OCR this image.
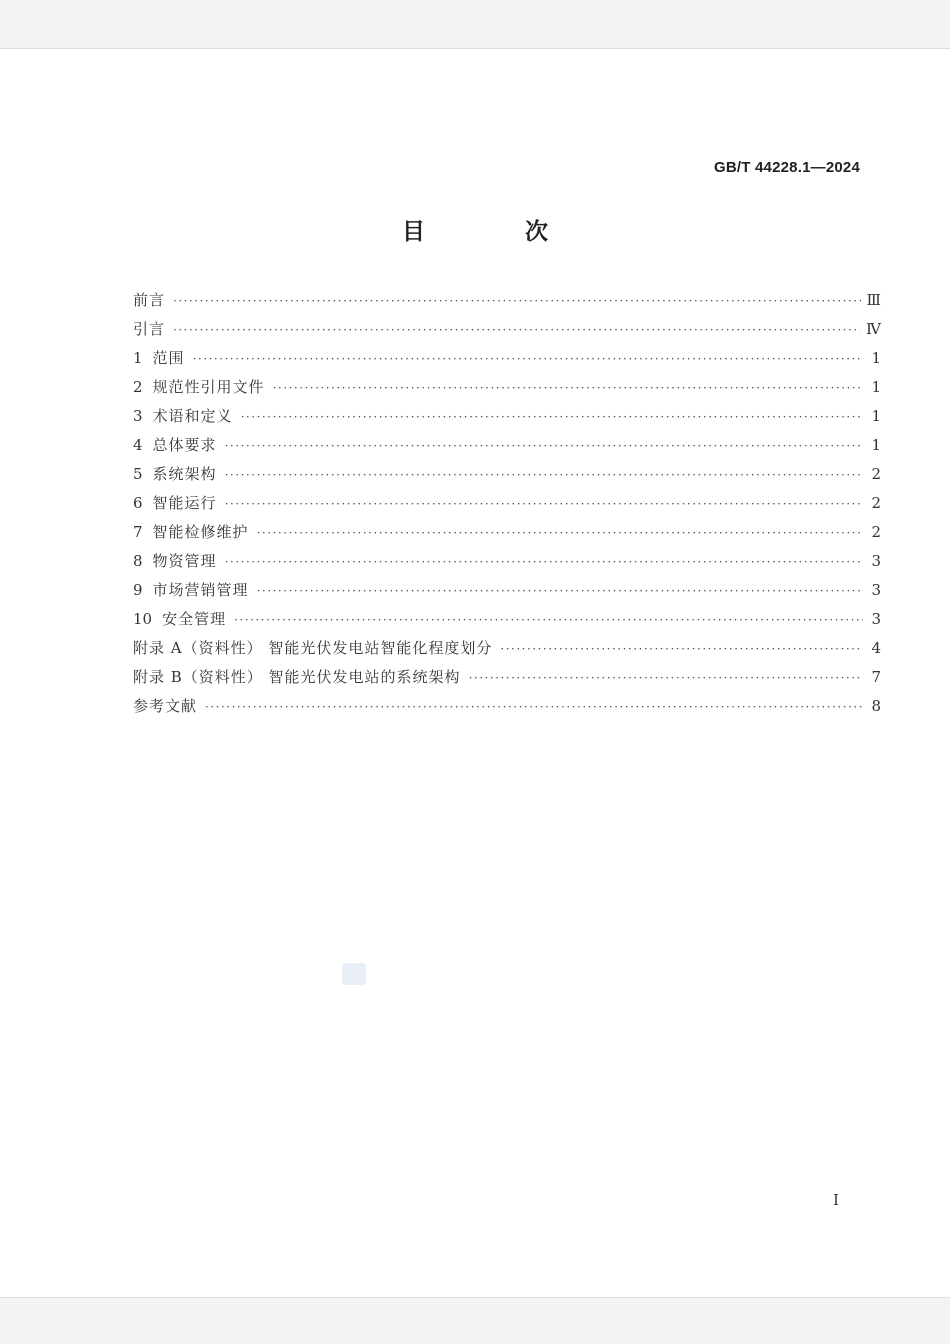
GB/T 44228.1—2024
目 次
前言 ·····	Ⅲ
引言 ·····	Ⅳ
1 范围 ·····	1
2 规范性引用文件 ·····	1
3 术语和定义 ·····	1
4 总体要求 ·····	1
5 系统架构 ·····	2
6 智能运行 ·····	2
7 智能检修维护 ·····	2
8 物资管理 ·····	3
9 市场营销管理 ·····	3
10 安全管理 ·····	3
附录 A（资料性） 智能光伏发电站智能化程度划分 ·····	4
附录 B（资料性） 智能光伏发电站的系统架构 ·····	7
参考文献 ·····	8
I
